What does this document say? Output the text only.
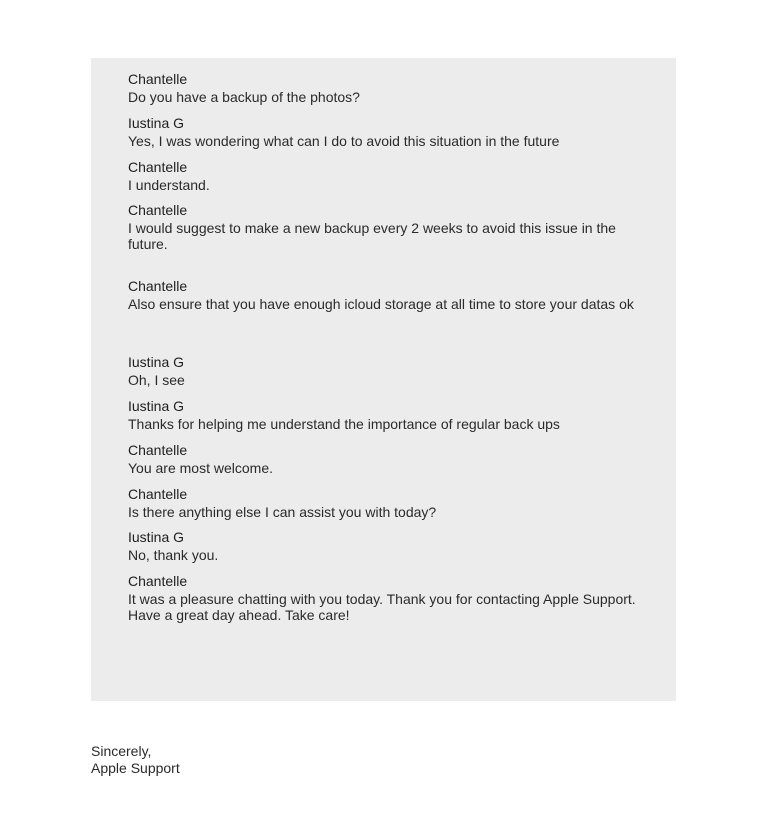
Chantelle
Do you have a backup of the photos?
Iustina G
Yes, I was wondering what can I do to avoid this situation in the future
Chantelle
I understand.
Chantelle
I would suggest to make a new backup every 2 weeks to avoid this issue in the future.
Chantelle
Also ensure that you have enough icloud storage at all time to store your datas ok
Iustina G
Oh, I see
Iustina G
Thanks for helping me understand the importance of regular back ups
Chantelle
You are most welcome.
Chantelle
Is there anything else I can assist you with today?
Iustina G
No, thank you.
Chantelle
It was a pleasure chatting with you today. Thank you for contacting Apple Support. Have a great day ahead. Take care!
Sincerely,
Apple Support
